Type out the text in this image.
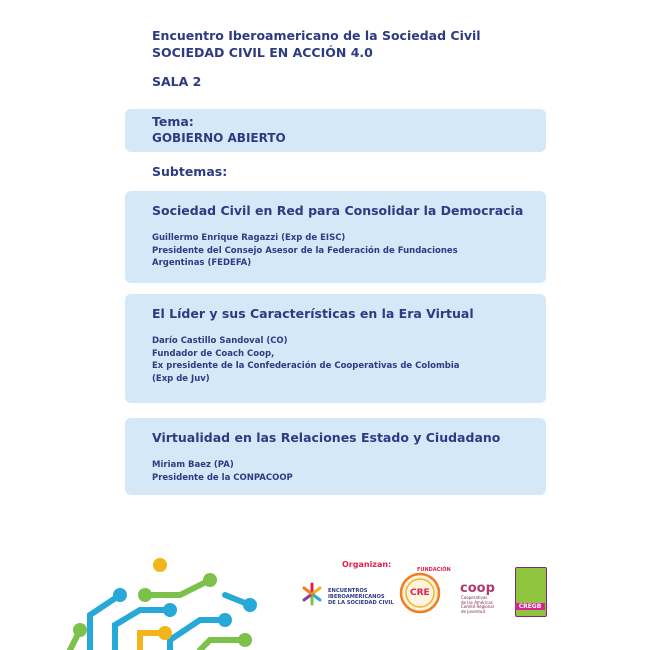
Encuentro Iberoamericano de la Sociedad Civil
SOCIEDAD CIVIL EN ACCIÓN 4.0
SALA 2
Tema:
GOBIERNO ABIERTO
Subtemas:
Sociedad Civil en Red para Consolidar la Democracia
Guillermo Enrique Ragazzi (Exp de EISC)
Presidente del Consejo Asesor de la Federación de Fundaciones
Argentinas (FEDEFA)
El Líder y sus Características en la Era Virtual
Darío Castillo Sandoval (CO)
Fundador de Coach Coop,
Ex presidente de la Confederación de Cooperativas de Colombia
(Exp de Juv)
Virtualidad en las Relaciones Estado y Ciudadano
Miriam Baez (PA)
Presidente de la CONPACOOP
Organizan:
ENCUENTROS
IBEROAMERICANOS
DE LA SOCIEDAD CIVIL
FUNDACIÓN
CRE coop
Cooperativas
de las Américas
Comité Regional
de Juventud
CREGB
